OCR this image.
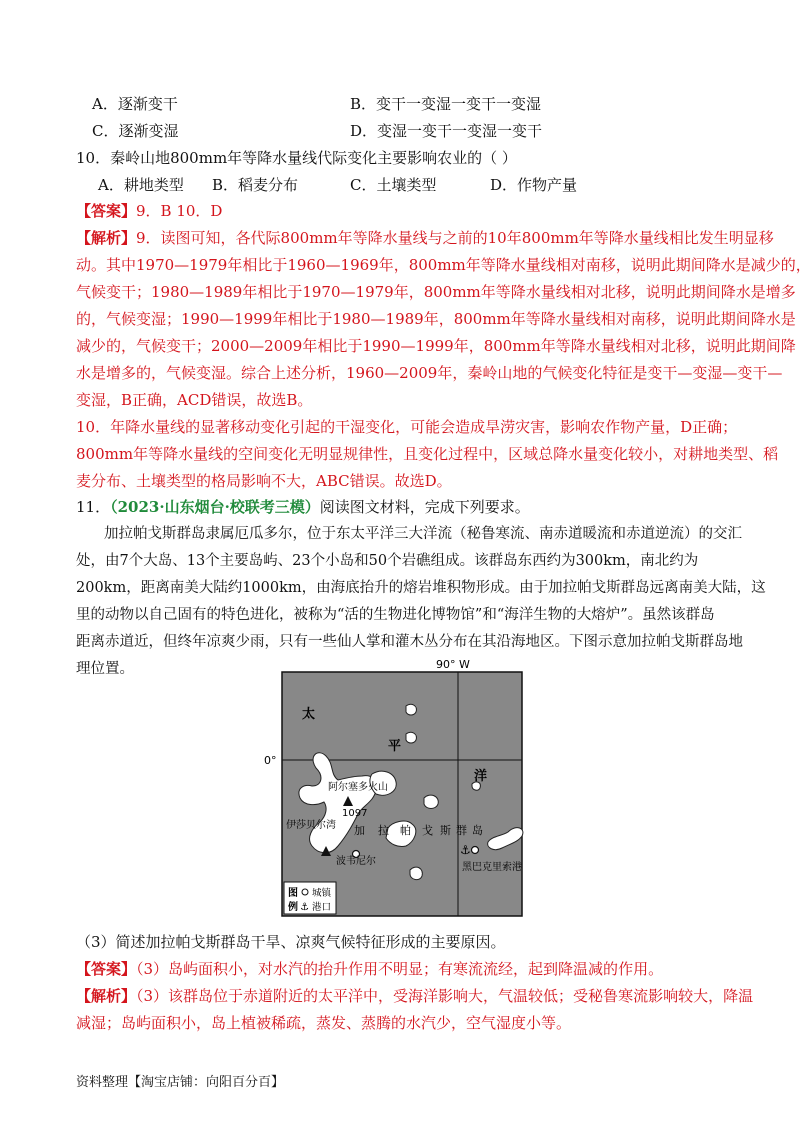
A．逐渐变干	B．变干一变湿一变干一变湿
C．逐渐变湿	D．变湿一变干一变湿一变干
10．秦岭山地800mm年等降水量线代际变化主要影响农业的（ ）
A．耕地类型 B．稻麦分布	C．土壤类型	D．作物产量
【答案】9．B 10．D
【解析】9．读图可知，各代际800mm年等降水量线与之前的10年800mm年等降水量线相比发生明显移
动。其中1970—1979年相比于1960—1969年，800mm年等降水量线相对南移，说明此期间降水是减少的，
气候变干；1980—1989年相比于1970—1979年，800mm年等降水量线相对北移，说明此期间降水是增多
的，气候变湿；1990—1999年相比于1980—1989年，800mm年等降水量线相对南移，说明此期间降水是
减少的，气候变干；2000—2009年相比于1990—1999年，800mm年等降水量线相对北移，说明此期间降
水是增多的，气候变湿。综合上述分析，1960—2009年，秦岭山地的气候变化特征是变干—变湿—变干—
变湿，B正确，ACD错误，故选B。
10．年降水量线的显著移动变化引起的干湿变化，可能会造成旱涝灾害，影响农作物产量，D正确；
800mm年等降水量线的空间变化无明显规律性，且变化过程中，区域总降水量变化较小，对耕地类型、稻
麦分布、土壤类型的格局影响不大，ABC错误。故选D。
11．（2023·山东烟台·校联考三模）阅读图文材料，完成下列要求。
加拉帕戈斯群岛隶属厄瓜多尔，位于东太平洋三大洋流（秘鲁寒流、南赤道暖流和赤道逆流）的交汇
处，由7个大岛、13个主要岛屿、23个小岛和50个岩礁组成。该群岛东西约为300km，南北约为
200km，距离南美大陆约1000km，由海底抬升的熔岩堆积物形成。由于加拉帕戈斯群岛远离南美大陆，这
里的动物以自己固有的特色进化，被称为“活的生物进化博物馆”和“海洋生物的大熔炉”。虽然该群岛
距离赤道近，但终年凉爽少雨，只有一些仙人掌和灌木丛分布在其沿海地区。下图示意加拉帕戈斯群岛地
理位置。	90° W
0°
太
平
洋
阿尔塞多火山
1097
伊莎贝尔湾 加 拉 帕 戈 斯 群 岛
波韦尼尔
⚓
黑巴克里索港
图
例
城镇
⚓ 港口
（3）简述加拉帕戈斯群岛干旱、凉爽气候特征形成的主要原因。
【答案】（3）岛屿面积小，对水汽的抬升作用不明显；有寒流流经，起到降温减的作用。
【解析】（3）该群岛位于赤道附近的太平洋中，受海洋影响大，气温较低；受秘鲁寒流影响较大，降温
减湿；岛屿面积小，岛上植被稀疏，蒸发、蒸腾的水汽少，空气湿度小等。
资料整理【淘宝店铺：向阳百分百】
